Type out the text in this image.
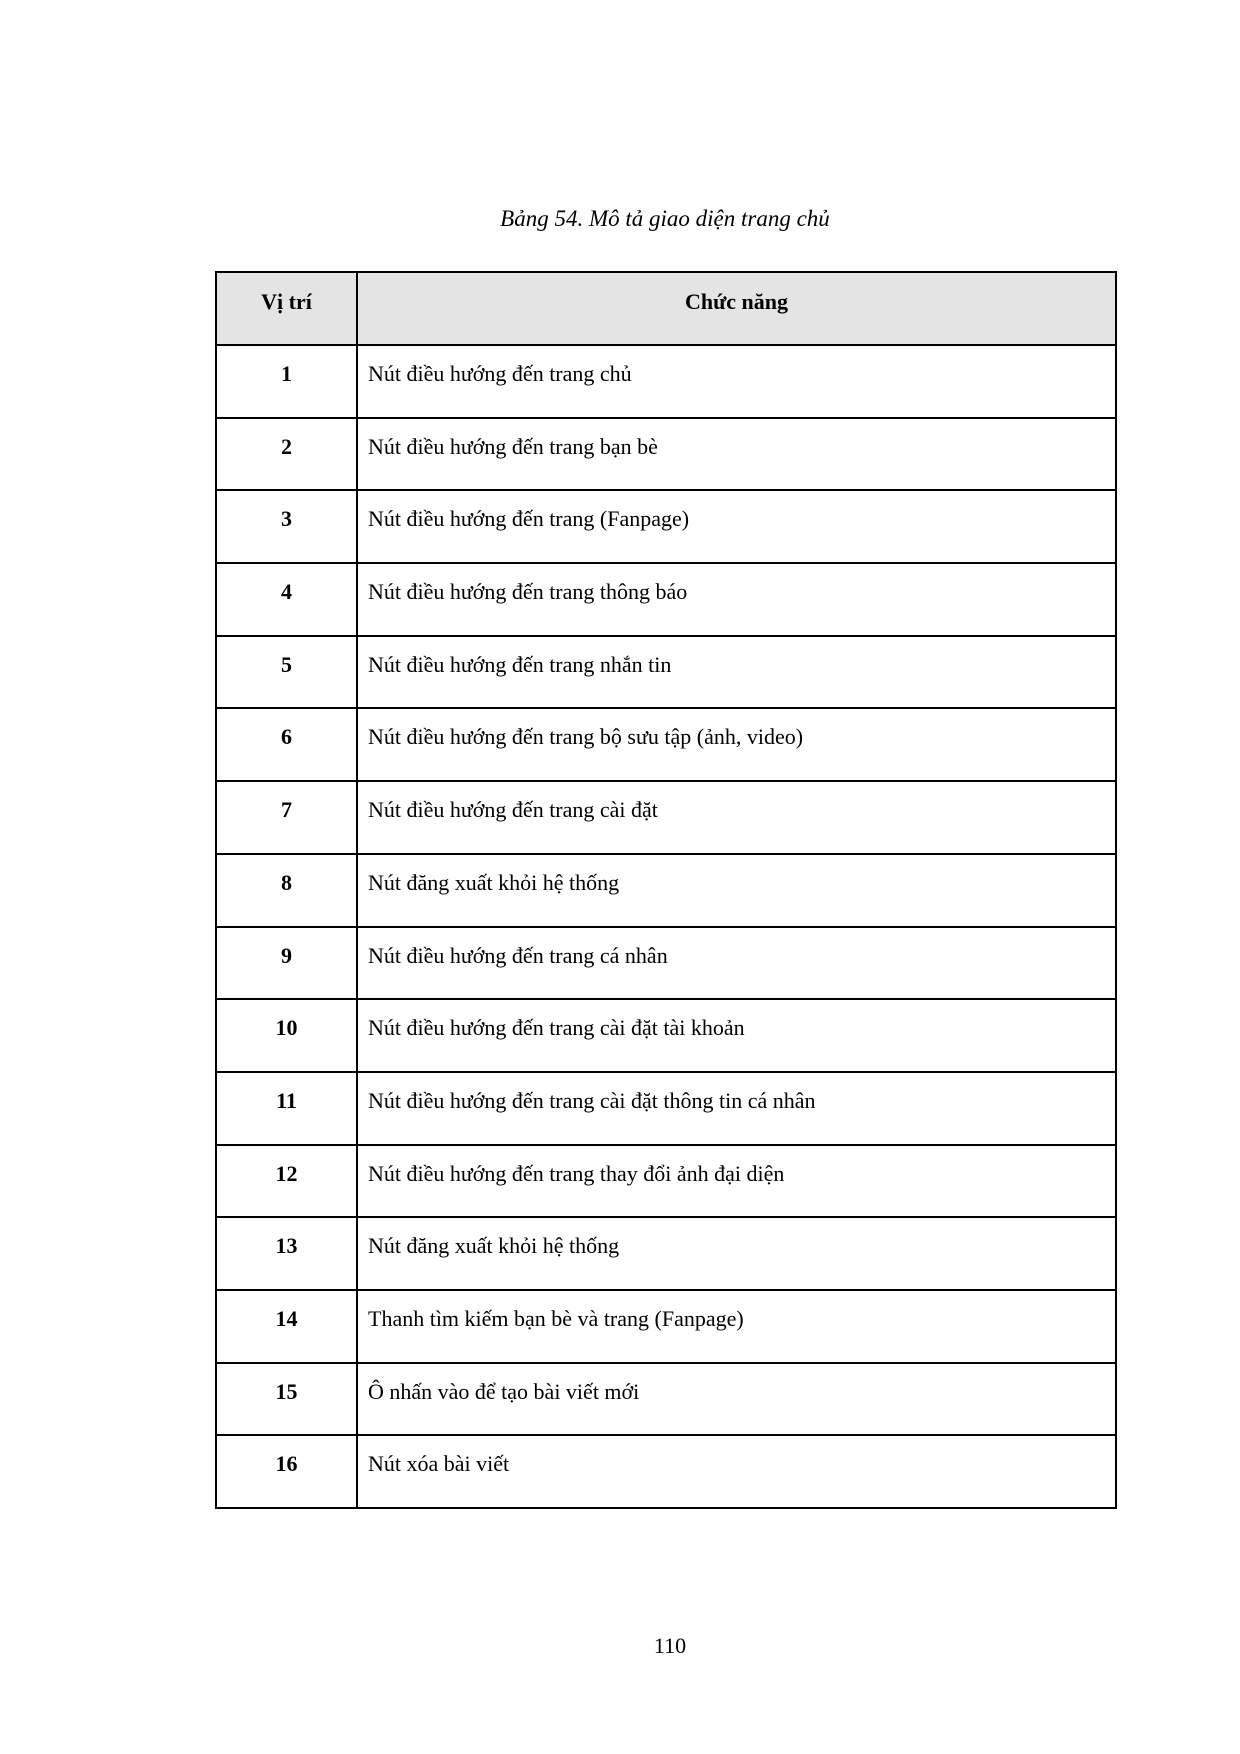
Bảng 54. Mô tả giao diện trang chủ
Vị trí	Chức năng
1	Nút điều hướng đến trang chủ
2	Nút điều hướng đến trang bạn bè
3	Nút điều hướng đến trang (Fanpage)
4	Nút điều hướng đến trang thông báo
5	Nút điều hướng đến trang nhắn tin
6	Nút điều hướng đến trang bộ sưu tập (ảnh, video)
7	Nút điều hướng đến trang cài đặt
8	Nút đăng xuất khỏi hệ thống
9	Nút điều hướng đến trang cá nhân
10	Nút điều hướng đến trang cài đặt tài khoản
11	Nút điều hướng đến trang cài đặt thông tin cá nhân
12	Nút điều hướng đến trang thay đổi ảnh đại diện
13	Nút đăng xuất khỏi hệ thống
14	Thanh tìm kiếm bạn bè và trang (Fanpage)
15	Ô nhấn vào để tạo bài viết mới
16	Nút xóa bài viết
110
